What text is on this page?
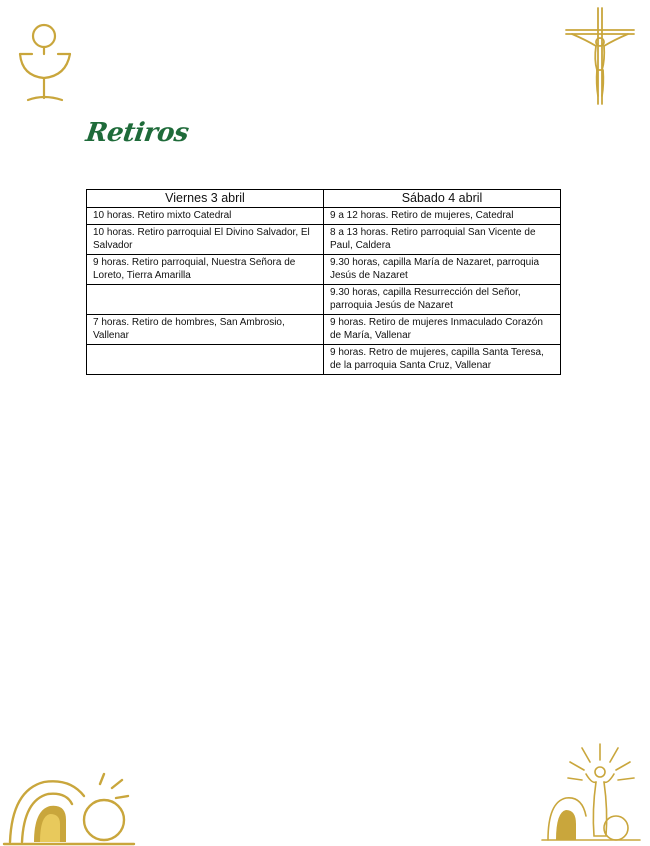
Retiros
Viernes 3 abril	Sábado 4 abril
10 horas. Retiro mixto Catedral	9 a 12 horas. Retiro de mujeres, Catedral
10 horas. Retiro parroquial El Divino Salvador, El Salvador	8 a 13 horas. Retiro parroquial San Vicente de Paul, Caldera
9 horas. Retiro parroquial, Nuestra Señora de Loreto, Tierra Amarilla	9.30 horas, capilla María de Nazaret, parroquia Jesús de Nazaret
	9.30 horas, capilla Resurrección del Señor, parroquia Jesús de Nazaret
7 horas. Retiro de hombres, San Ambrosio, Vallenar	9 horas. Retiro de mujeres Inmaculado Corazón de María, Vallenar
	9 horas. Retro de mujeres, capilla Santa Teresa, de la parroquia Santa Cruz, Vallenar
